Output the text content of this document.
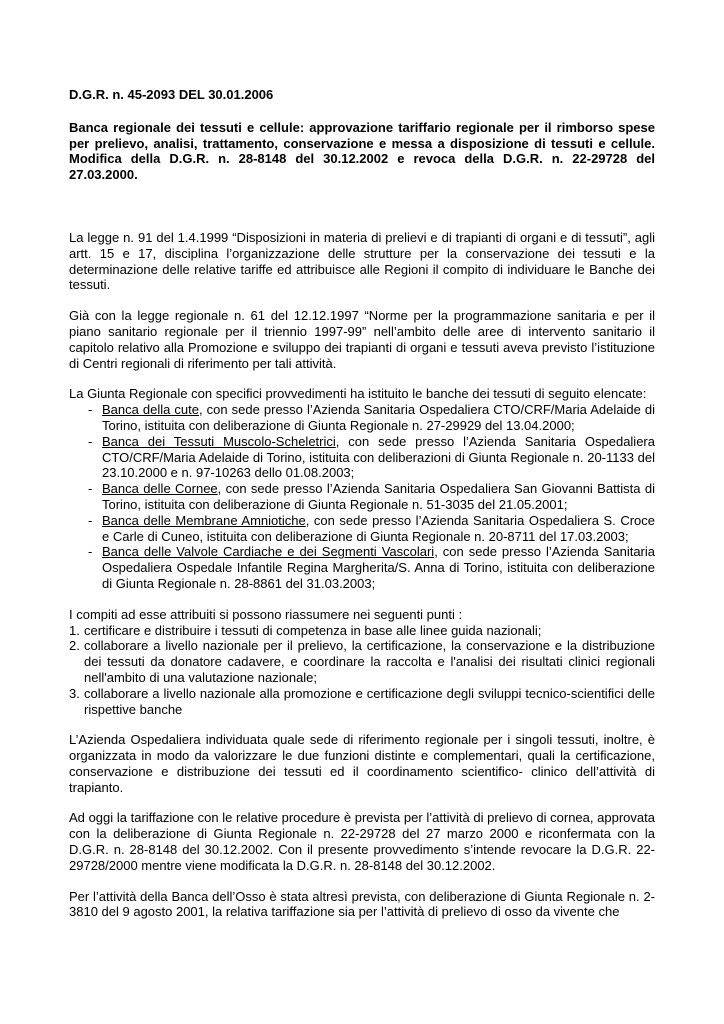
D.G.R. n. 45-2093 DEL 30.01.2006

Banca regionale dei tessuti e cellule: approvazione tariffario regionale per il rimborso spese per prelievo, analisi, trattamento, conservazione e messa a disposizione di tessuti e cellule. Modifica della D.G.R. n. 28-8148 del 30.12.2002 e revoca della D.G.R. n. 22-29728 del 27.03.2000.

La legge n. 91 del 1.4.1999 “Disposizioni in materia di prelievi e di trapianti di organi e di tessuti”, agli artt. 15 e 17, disciplina l’organizzazione delle strutture per la conservazione dei tessuti e la determinazione delle relative tariffe ed attribuisce alle Regioni il compito di individuare le Banche dei tessuti.

Già con la legge regionale n. 61 del 12.12.1997 “Norme per la programmazione sanitaria e per il piano sanitario regionale per il triennio 1997-99” nell’ambito delle aree di intervento sanitario il capitolo relativo alla Promozione e sviluppo dei trapianti di organi e tessuti aveva previsto l’istituzione di Centri regionali di riferimento per tali attività.

La Giunta Regionale con specifici provvedimenti ha istituito le banche dei tessuti di seguito elencate:

- Banca della cute, con sede presso l’Azienda Sanitaria Ospedaliera CTO/CRF/Maria Adelaide di Torino, istituita con deliberazione di Giunta Regionale n. 27-29929 del 13.04.2000;
- Banca dei Tessuti Muscolo-Scheletrici, con sede presso l’Azienda Sanitaria Ospedaliera CTO/CRF/Maria Adelaide di Torino, istituita con deliberazioni di Giunta Regionale n. 20-1133 del 23.10.2000 e n. 97-10263 dello 01.08.2003;
- Banca delle Cornee, con sede presso l’Azienda Sanitaria Ospedaliera San Giovanni Battista di Torino, istituita con deliberazione di Giunta Regionale n. 51-3035 del 21.05.2001;
- Banca delle Membrane Amniotiche, con sede presso l’Azienda Sanitaria Ospedaliera S. Croce e Carle di Cuneo, istituita con deliberazione di Giunta Regionale n. 20-8711 del 17.03.2003;
- Banca delle Valvole Cardiache e dei Segmenti Vascolari, con sede presso l’Azienda Sanitaria Ospedaliera Ospedale Infantile Regina Margherita/S. Anna di Torino, istituita con deliberazione di Giunta Regionale n. 28-8861 del 31.03.2003;

I compiti ad esse attribuiti si possono riassumere nei seguenti punti :

1. certificare e distribuire i tessuti di competenza in base alle linee guida nazionali;
2. collaborare a livello nazionale per il prelievo, la certificazione, la conservazione e la distribuzione dei tessuti da donatore cadavere, e coordinare la raccolta e l'analisi dei risultati clinici regionali nell'ambito di una valutazione nazionale;
3. collaborare a livello nazionale alla promozione e certificazione degli sviluppi tecnico-scientifici delle rispettive banche

L’Azienda Ospedaliera individuata quale sede di riferimento regionale per i singoli tessuti, inoltre, è organizzata in modo da valorizzare le due funzioni distinte e complementari, quali la certificazione, conservazione e distribuzione dei tessuti ed il coordinamento scientifico- clinico dell’attività di trapianto.

Ad oggi la tariffazione con le relative procedure è prevista per l’attività di prelievo di cornea, approvata con la deliberazione di Giunta Regionale n. 22-29728 del 27 marzo 2000 e riconfermata con la D.G.R. n. 28-8148 del 30.12.2002. Con il presente provvedimento s’intende revocare la D.G.R. 22-29728/2000 mentre viene modificata la D.G.R. n. 28-8148 del 30.12.2002.

Per l’attività della Banca dell’Osso è stata altresì prevista, con deliberazione di Giunta Regionale n. 2-3810 del 9 agosto 2001, la relativa tariffazione sia per l’attività di prelievo di osso da vivente che
